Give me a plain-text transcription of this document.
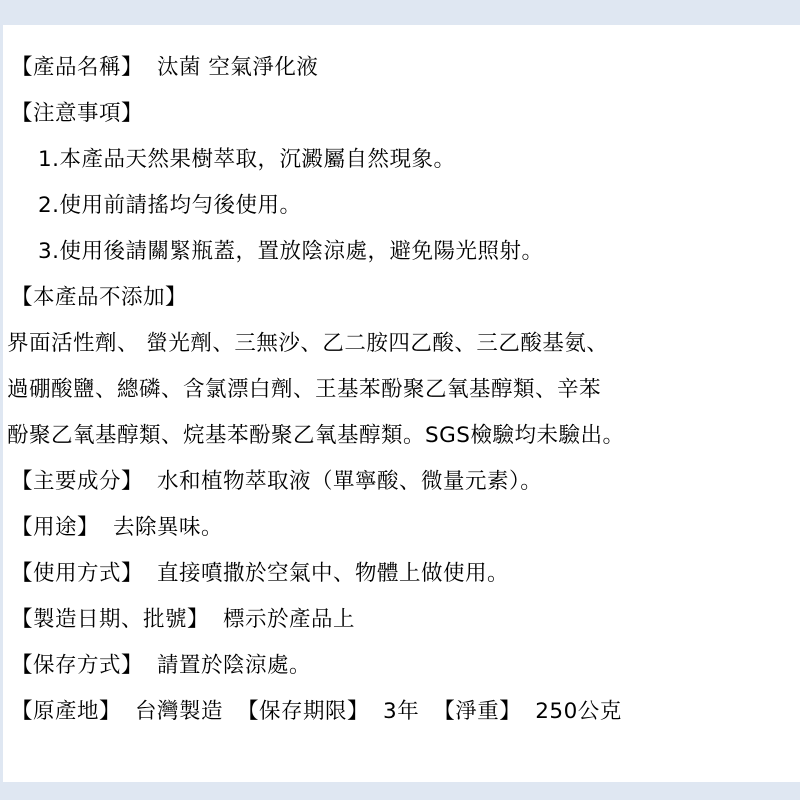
【產品名稱】 汰菌 空氣淨化液
【注意事項】
1.本產品天然果樹萃取，沉澱屬自然現象。
2.使用前請搖均勻後使用。
3.使用後請關緊瓶蓋，置放陰涼處，避免陽光照射。
【本產品不添加】
界面活性劑、 螢光劑、三無沙、乙二胺四乙酸、三乙酸基氨、
過硼酸鹽、總磷、含氯漂白劑、王基苯酚聚乙氧基醇類、辛苯
酚聚乙氧基醇類、烷基苯酚聚乙氧基醇類。SGS檢驗均未驗出。
【主要成分】 水和植物萃取液（單寧酸、微量元素）。
【用途】 去除異味。
【使用方式】 直接噴撒於空氣中、物體上做使用。
【製造日期、批號】 標示於產品上
【保存方式】 請置於陰涼處。
【原產地】 台灣製造 【保存期限】 3年 【淨重】 250公克
